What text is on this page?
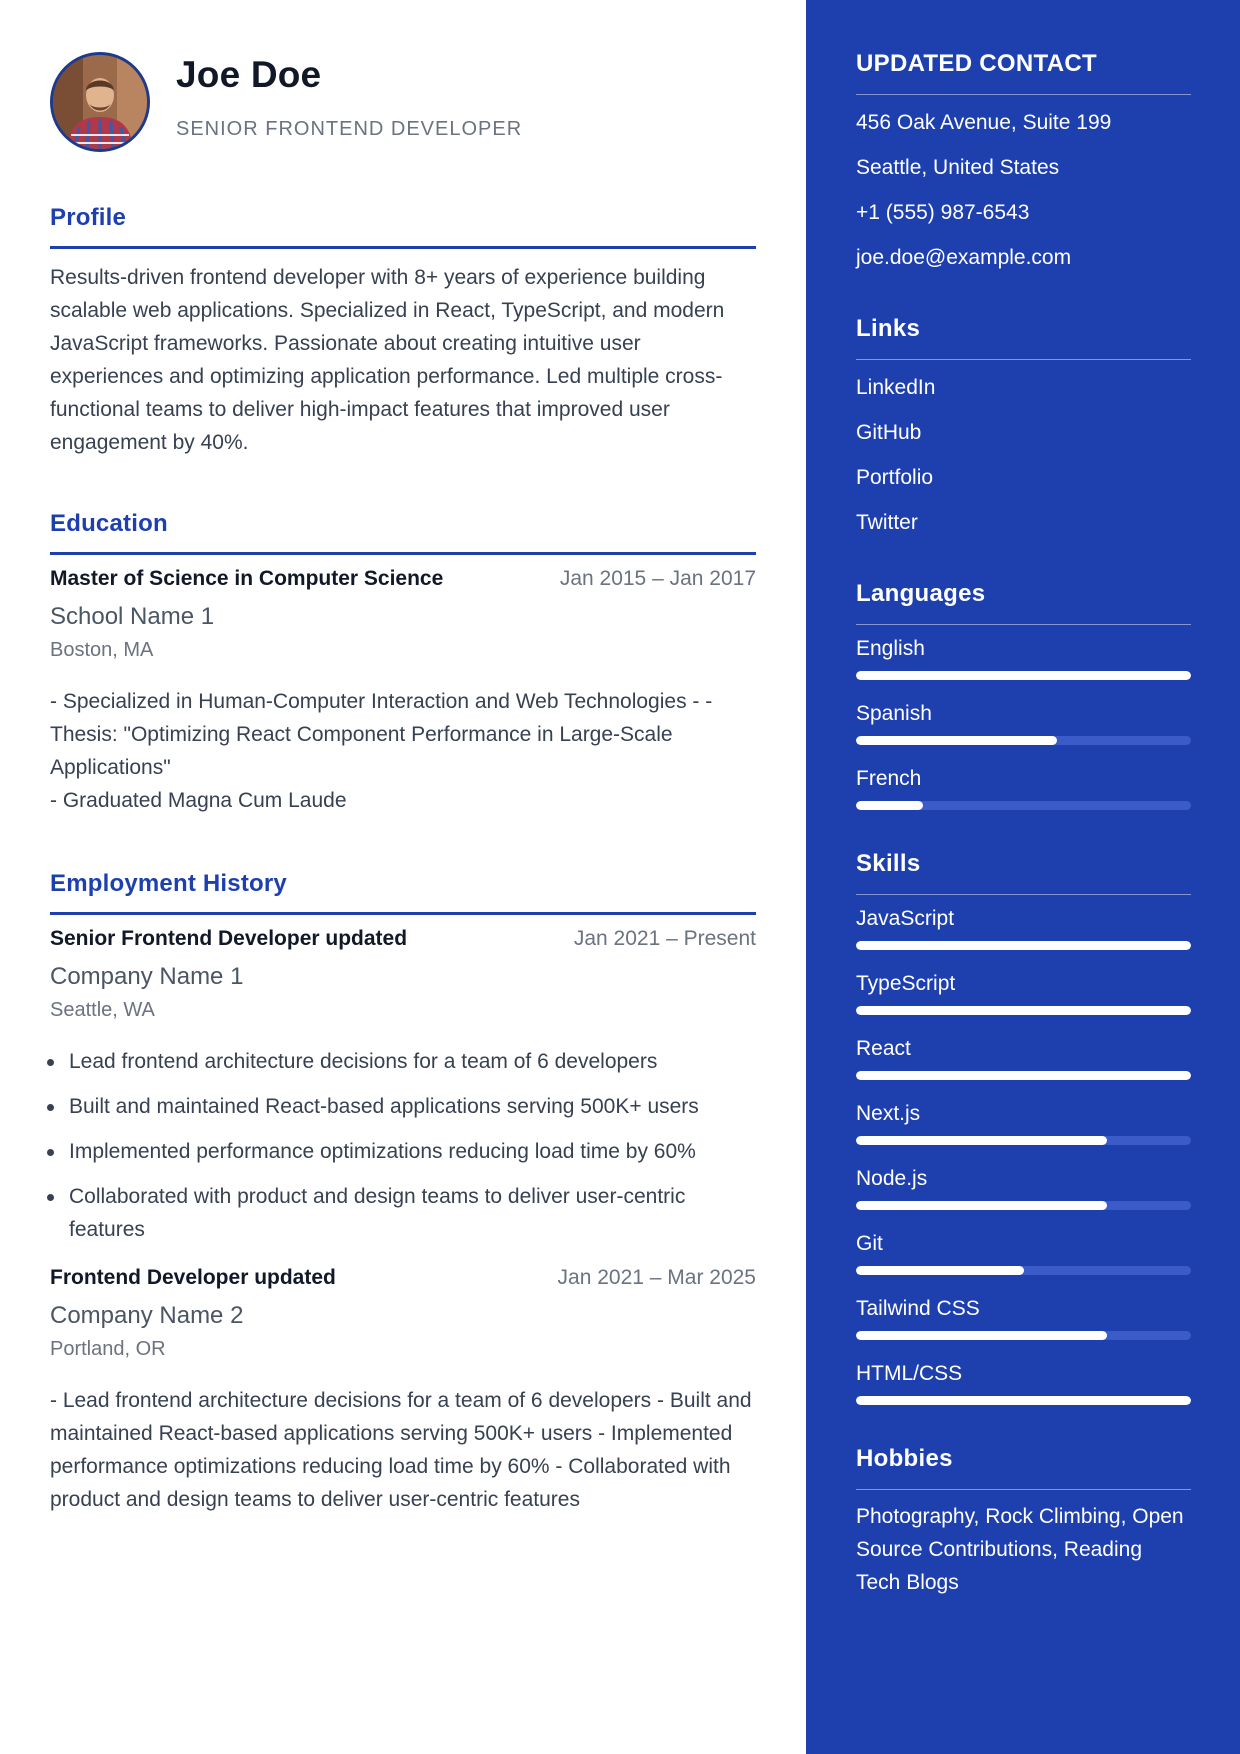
Joe Doe
SENIOR FRONTEND DEVELOPER
Profile
Results-driven frontend developer with 8+ years of experience building scalable web applications. Specialized in React, TypeScript, and modern JavaScript frameworks. Passionate about creating intuitive user experiences and optimizing application performance. Led multiple cross-functional teams to deliver high-impact features that improved user engagement by 40%.
Education
Master of Science in Computer Science	Jan 2015 – Jan 2017
School Name 1
Boston, MA
- Specialized in Human-Computer Interaction and Web Technologies - - Thesis: "Optimizing React Component Performance in Large-Scale Applications"
- Graduated Magna Cum Laude
Employment History
Senior Frontend Developer updated	Jan 2021 – Present
Company Name 1
Seattle, WA
Lead frontend architecture decisions for a team of 6 developers
Built and maintained React-based applications serving 500K+ users
Implemented performance optimizations reducing load time by 60%
Collaborated with product and design teams to deliver user-centric features
Frontend Developer updated	Jan 2021 – Mar 2025
Company Name 2
Portland, OR
- Lead frontend architecture decisions for a team of 6 developers - Built and maintained React-based applications serving 500K+ users - Implemented performance optimizations reducing load time by 60% - Collaborated with product and design teams to deliver user-centric features
UPDATED CONTACT
456 Oak Avenue, Suite 199
Seattle, United States
+1 (555) 987-6543
joe.doe@example.com
Links
LinkedIn
GitHub
Portfolio
Twitter
Languages
English
Spanish
French
Skills
JavaScript
TypeScript
React
Next.js
Node.js
Git
Tailwind CSS
HTML/CSS
Hobbies
Photography, Rock Climbing, Open Source Contributions, Reading Tech Blogs
